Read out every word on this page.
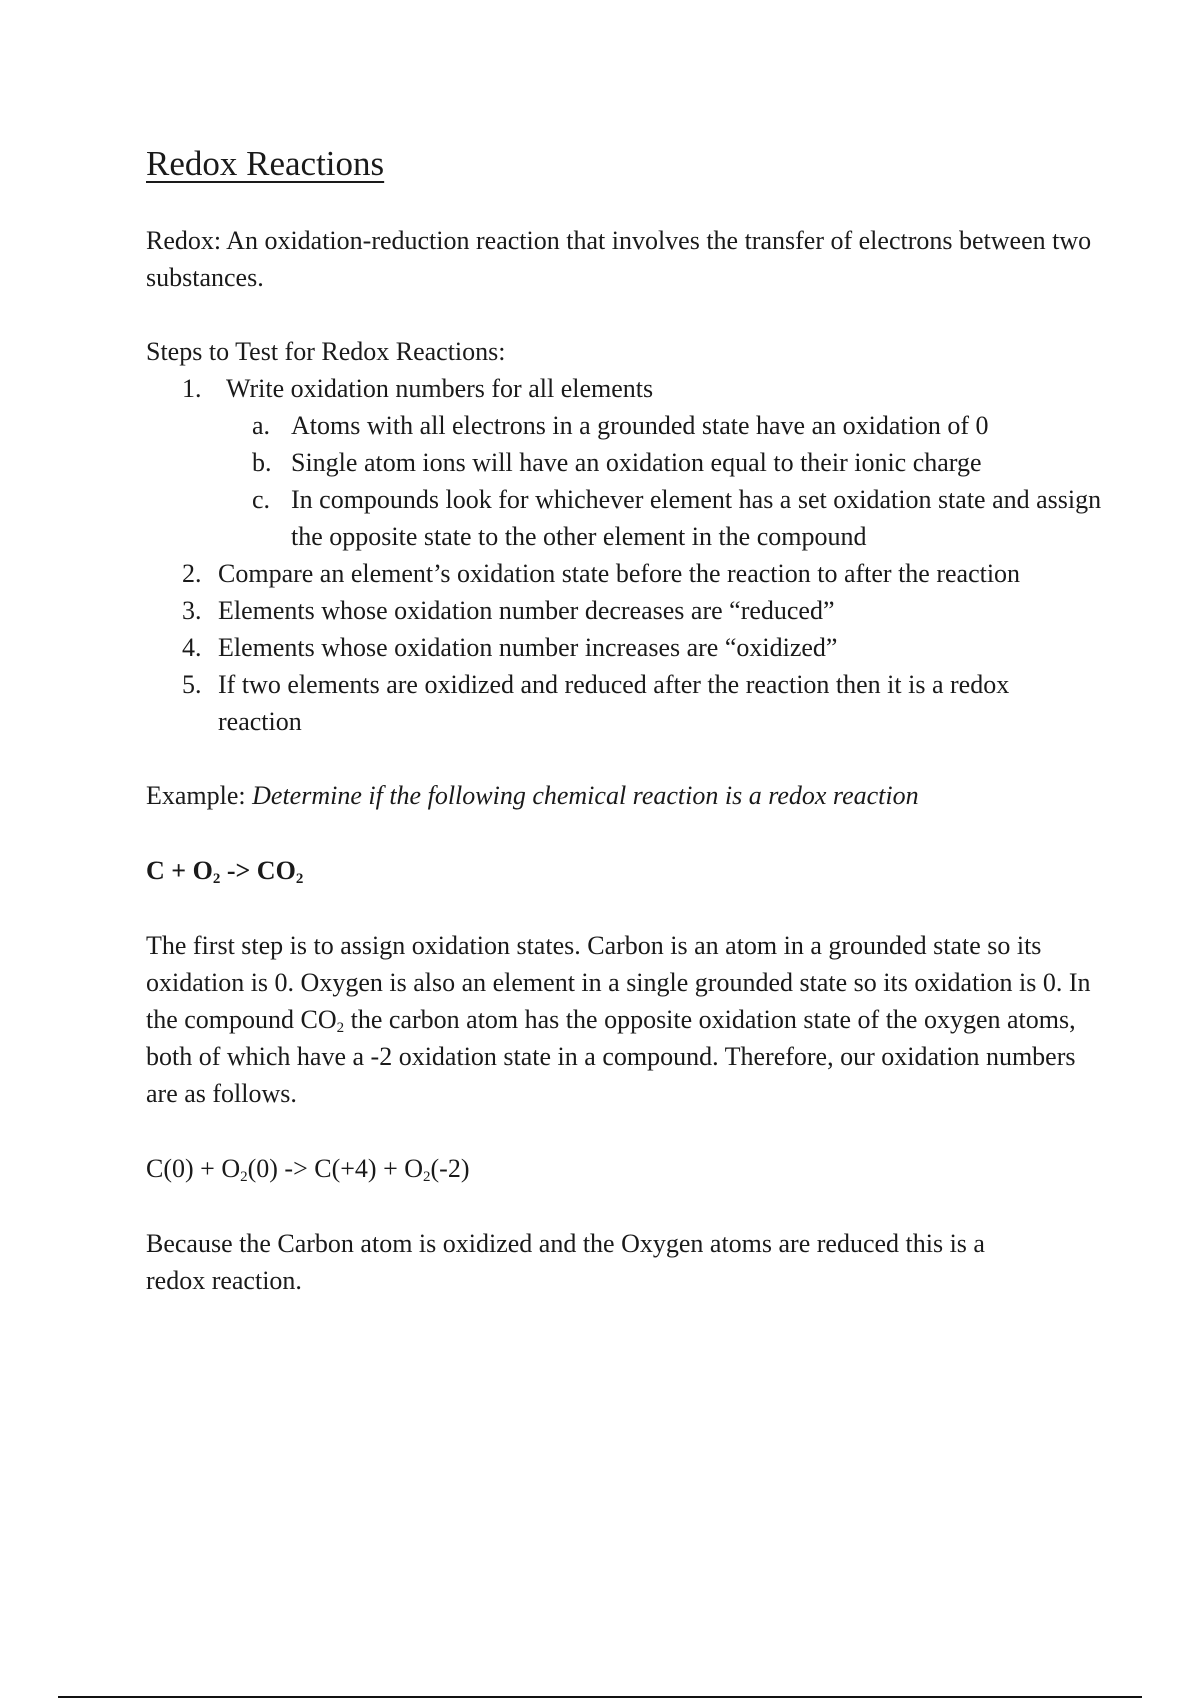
Redox Reactions

Redox: An oxidation-reduction reaction that involves the transfer of electrons between two substances.

Steps to Test for Redox Reactions:

1. Write oxidation numbers for all elements
a. Atoms with all electrons in a grounded state have an oxidation of 0
b. Single atom ions will have an oxidation equal to their ionic charge
c. In compounds look for whichever element has a set oxidation state and assign the opposite state to the other element in the compound
2. Compare an element’s oxidation state before the reaction to after the reaction
3. Elements whose oxidation number decreases are “reduced”
4. Elements whose oxidation number increases are “oxidized”
5. If two elements are oxidized and reduced after the reaction then it is a redox reaction

Example: Determine if the following chemical reaction is a redox reaction

$C + O_2 -> CO_2$

The first step is to assign oxidation states. Carbon is an atom in a grounded state so its oxidation is 0. Oxygen is also an element in a single grounded state so its oxidation is 0. In the compound $CO_2$ the carbon atom has the opposite oxidation state of the oxygen atoms, both of which have a -2 oxidation state in a compound. Therefore, our oxidation numbers are as follows.

$C(0) + O_2(0) -> C(+4) + O_2(-2)$

Because the Carbon atom is oxidized and the Oxygen atoms are reduced this is a redox reaction.
